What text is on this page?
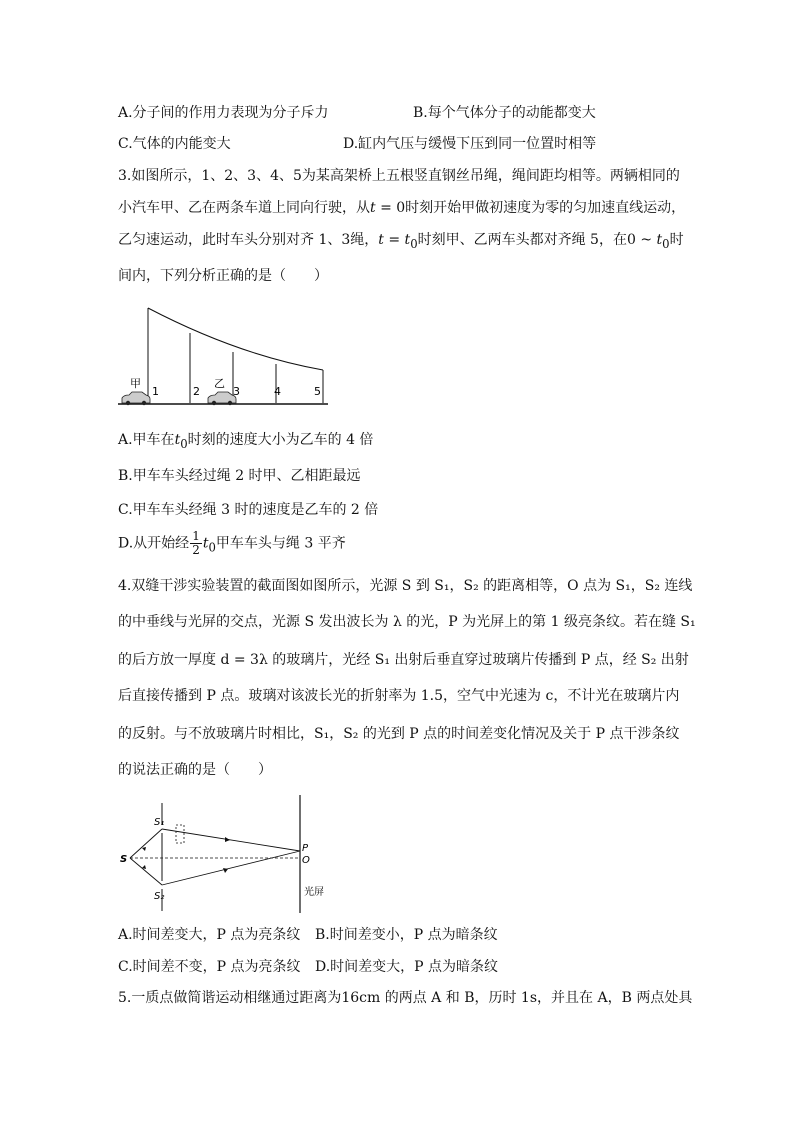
A.分子间的作用力表现为分子斥力	B.每个气体分子的动能都变大
C.气体的内能变大	D.缸内气压与缓慢下压到同一位置时相等
3.如图所示，1、2、3、4、5为某高架桥上五根竖直钢丝吊绳，绳间距均相等。两辆相同的
小汽车甲、乙在两条车道上同向行驶，从t = 0时刻开始甲做初速度为零的匀加速直线运动，
乙匀速运动，此时车头分别对齐 1、3绳，$t = t_0$时刻甲、乙两车头都对齐绳 5，在0 ~ $t_0$时
间内，下列分析正确的是（　　）
1	2	3	4	5
甲	乙
A.甲车在$t_0$时刻的速度大小为乙车的 4 倍
B.甲车车头经过绳 2 时甲、乙相距最远
C.甲车车头经绳 3 时的速度是乙车的 2 倍
D.从开始经 $\frac{1}{2} t_0$甲车车头与绳 3 平齐
4.双缝干涉实验装置的截面图如图所示，光源 S 到 S₁，S₂ 的距离相等，O 点为 S₁，S₂ 连线
的中垂线与光屏的交点，光源 S 发出波长为 λ 的光，P 为光屏上的第 1 级亮条纹。若在缝 S₁
的后方放一厚度 d = 3λ 的玻璃片，光经 S₁ 出射后垂直穿过玻璃片传播到 P 点，经 S₂ 出射
后直接传播到 P 点。玻璃对该波长光的折射率为 1.5，空气中光速为 c，不计光在玻璃片内
的反射。与不放玻璃片时相比，S₁，S₂ 的光到 P 点的时间差变化情况及关于 P 点干涉条纹
的说法正确的是（　　）
S
S₁
S₂
P
O
光屏
A.时间差变大，P 点为亮条纹 B.时间差变小，P 点为暗条纹
C.时间差不变，P 点为亮条纹 D.时间差变大，P 点为暗条纹
5.一质点做简谐运动相继通过距离为16cm 的两点 A 和 B，历时 1s，并且在 A，B 两点处具
